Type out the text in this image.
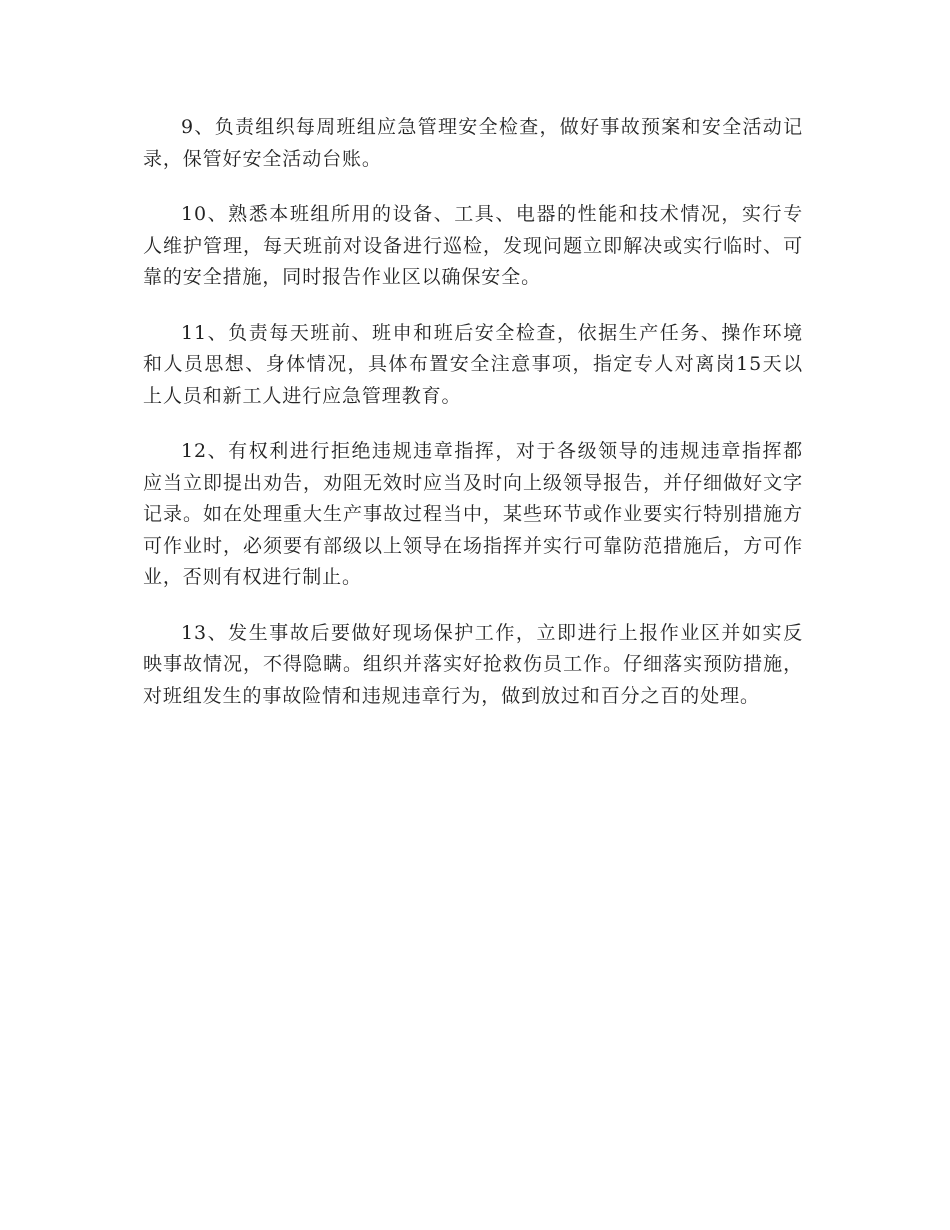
9、负责组织每周班组应急管理安全检查，做好事故预案和安全活动记录，保管好安全活动台账。

10、熟悉本班组所用的设备、工具、电器的性能和技术情况，实行专人维护管理，每天班前对设备进行巡检，发现问题立即解决或实行临时、可靠的安全措施，同时报告作业区以确保安全。

11、负责每天班前、班申和班后安全检查，依据生产任务、操作环境和人员思想、身体情况，具体布置安全注意事项，指定专人对离岗15天以上人员和新工人进行应急管理教育。

12、有权利进行拒绝违规违章指挥，对于各级领导的违规违章指挥都应当立即提出劝告，劝阻无效时应当及时向上级领导报告，并仔细做好文字记录。如在处理重大生产事故过程当中，某些环节或作业要实行特别措施方可作业时，必须要有部级以上领导在场指挥并实行可靠防范措施后，方可作业，否则有权进行制止。

13、发生事故后要做好现场保护工作，立即进行上报作业区并如实反映事故情况，不得隐瞒。组织并落实好抢救伤员工作。仔细落实预防措施，对班组发生的事故险情和违规违章行为，做到放过和百分之百的处理。
